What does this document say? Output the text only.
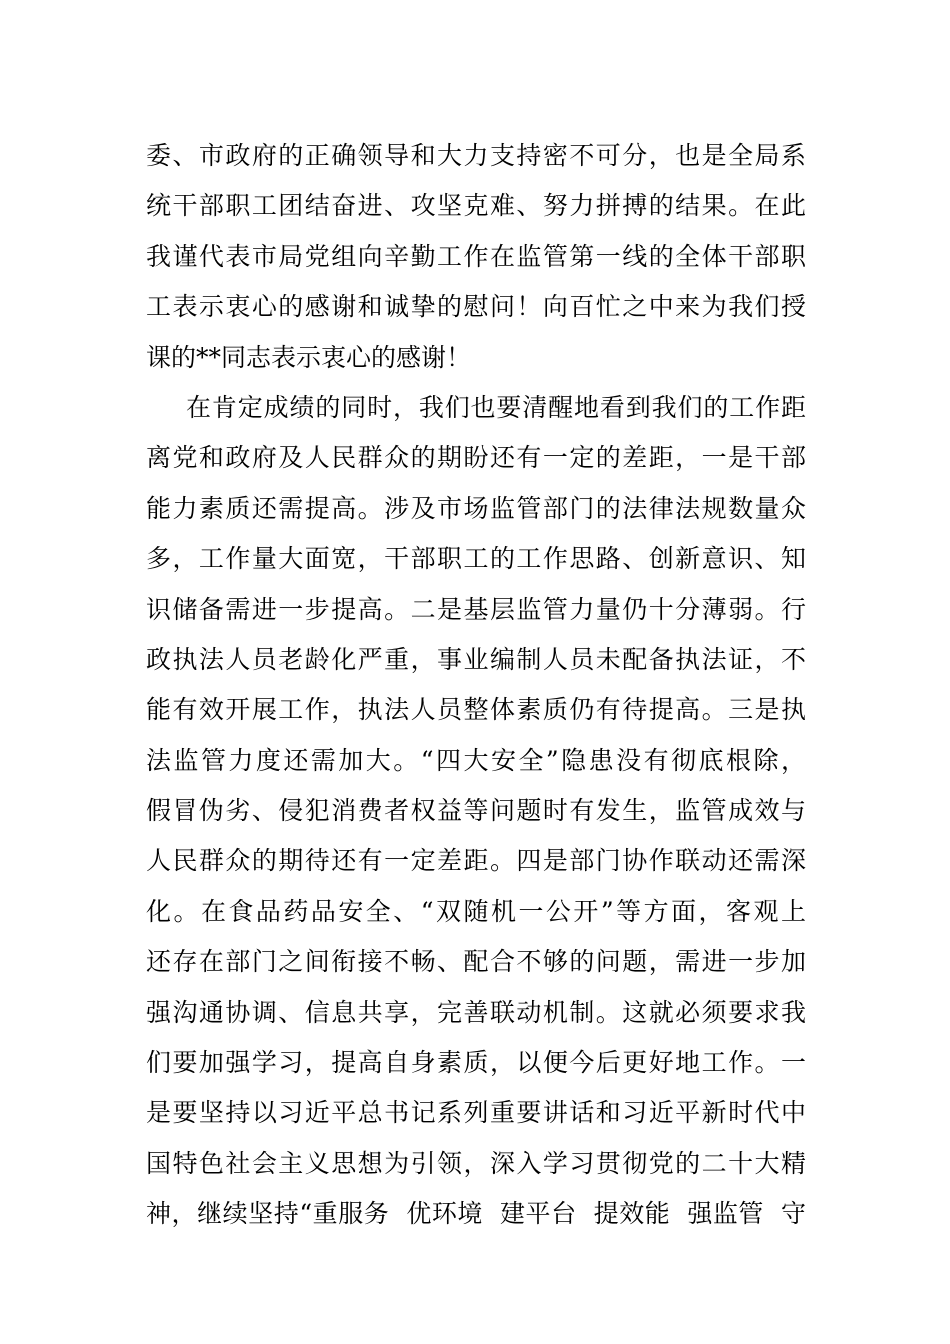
委、市政府的正确领导和大力支持密不可分，也是全局系
统干部职工团结奋进、攻坚克难、努力拼搏的结果。在此
我谨代表市局党组向辛勤工作在监管第一线的全体干部职
工表示衷心的感谢和诚挚的慰问！向百忙之中来为我们授
课的**同志表示衷心的感谢！
在肯定成绩的同时，我们也要清醒地看到我们的工作距
离党和政府及人民群众的期盼还有一定的差距，一是干部
能力素质还需提高。涉及市场监管部门的法律法规数量众
多，工作量大面宽，干部职工的工作思路、创新意识、知
识储备需进一步提高。二是基层监管力量仍十分薄弱。行
政执法人员老龄化严重，事业编制人员未配备执法证，不
能有效开展工作，执法人员整体素质仍有待提高。三是执
法监管力度还需加大。“四大安全”隐患没有彻底根除，
假冒伪劣、侵犯消费者权益等问题时有发生，监管成效与
人民群众的期待还有一定差距。四是部门协作联动还需深
化。在食品药品安全、“双随机一公开”等方面，客观上
还存在部门之间衔接不畅、配合不够的问题，需进一步加
强沟通协调、信息共享，完善联动机制。这就必须要求我
们要加强学习，提高自身素质，以便今后更好地工作。一
是要坚持以习近平总书记系列重要讲话和习近平新时代中
国特色社会主义思想为引领，深入学习贯彻党的二十大精
神，继续坚持“重服务  优环境  建平台  提效能  强监管  守
